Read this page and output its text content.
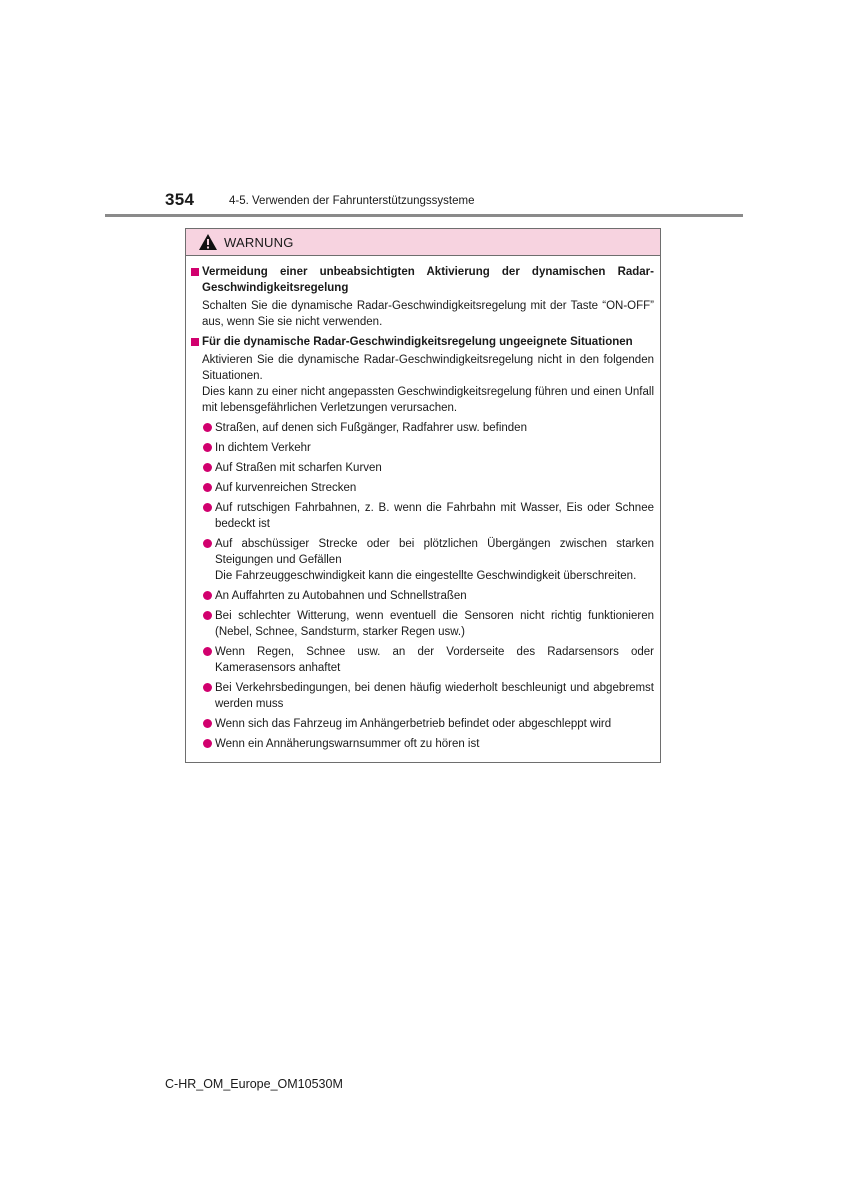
354	4-5. Verwenden der Fahrunterstützungssysteme
WARNUNG
Vermeidung einer unbeabsichtigten Aktivierung der dynamischen Radar-Geschwindigkeitsregelung
Schalten Sie die dynamische Radar-Geschwindigkeitsregelung mit der Taste “ON-OFF” aus, wenn Sie sie nicht verwenden.
Für die dynamische Radar-Geschwindigkeitsregelung ungeeignete Situationen
Aktivieren Sie die dynamische Radar-Geschwindigkeitsregelung nicht in den folgenden Situationen.
Dies kann zu einer nicht angepassten Geschwindigkeitsregelung führen und einen Unfall mit lebensgefährlichen Verletzungen verursachen.
Straßen, auf denen sich Fußgänger, Radfahrer usw. befinden
In dichtem Verkehr
Auf Straßen mit scharfen Kurven
Auf kurvenreichen Strecken
Auf rutschigen Fahrbahnen, z. B. wenn die Fahrbahn mit Wasser, Eis oder Schnee bedeckt ist
Auf abschüssiger Strecke oder bei plötzlichen Übergängen zwischen starken Steigungen und Gefällen
Die Fahrzeuggeschwindigkeit kann die eingestellte Geschwindigkeit überschreiten.
An Auffahrten zu Autobahnen und Schnellstraßen
Bei schlechter Witterung, wenn eventuell die Sensoren nicht richtig funktionieren (Nebel, Schnee, Sandsturm, starker Regen usw.)
Wenn Regen, Schnee usw. an der Vorderseite des Radarsensors oder Kamerasensors anhaftet
Bei Verkehrsbedingungen, bei denen häufig wiederholt beschleunigt und abgebremst werden muss
Wenn sich das Fahrzeug im Anhängerbetrieb befindet oder abgeschleppt wird
Wenn ein Annäherungswarnsummer oft zu hören ist
C-HR_OM_Europe_OM10530M
